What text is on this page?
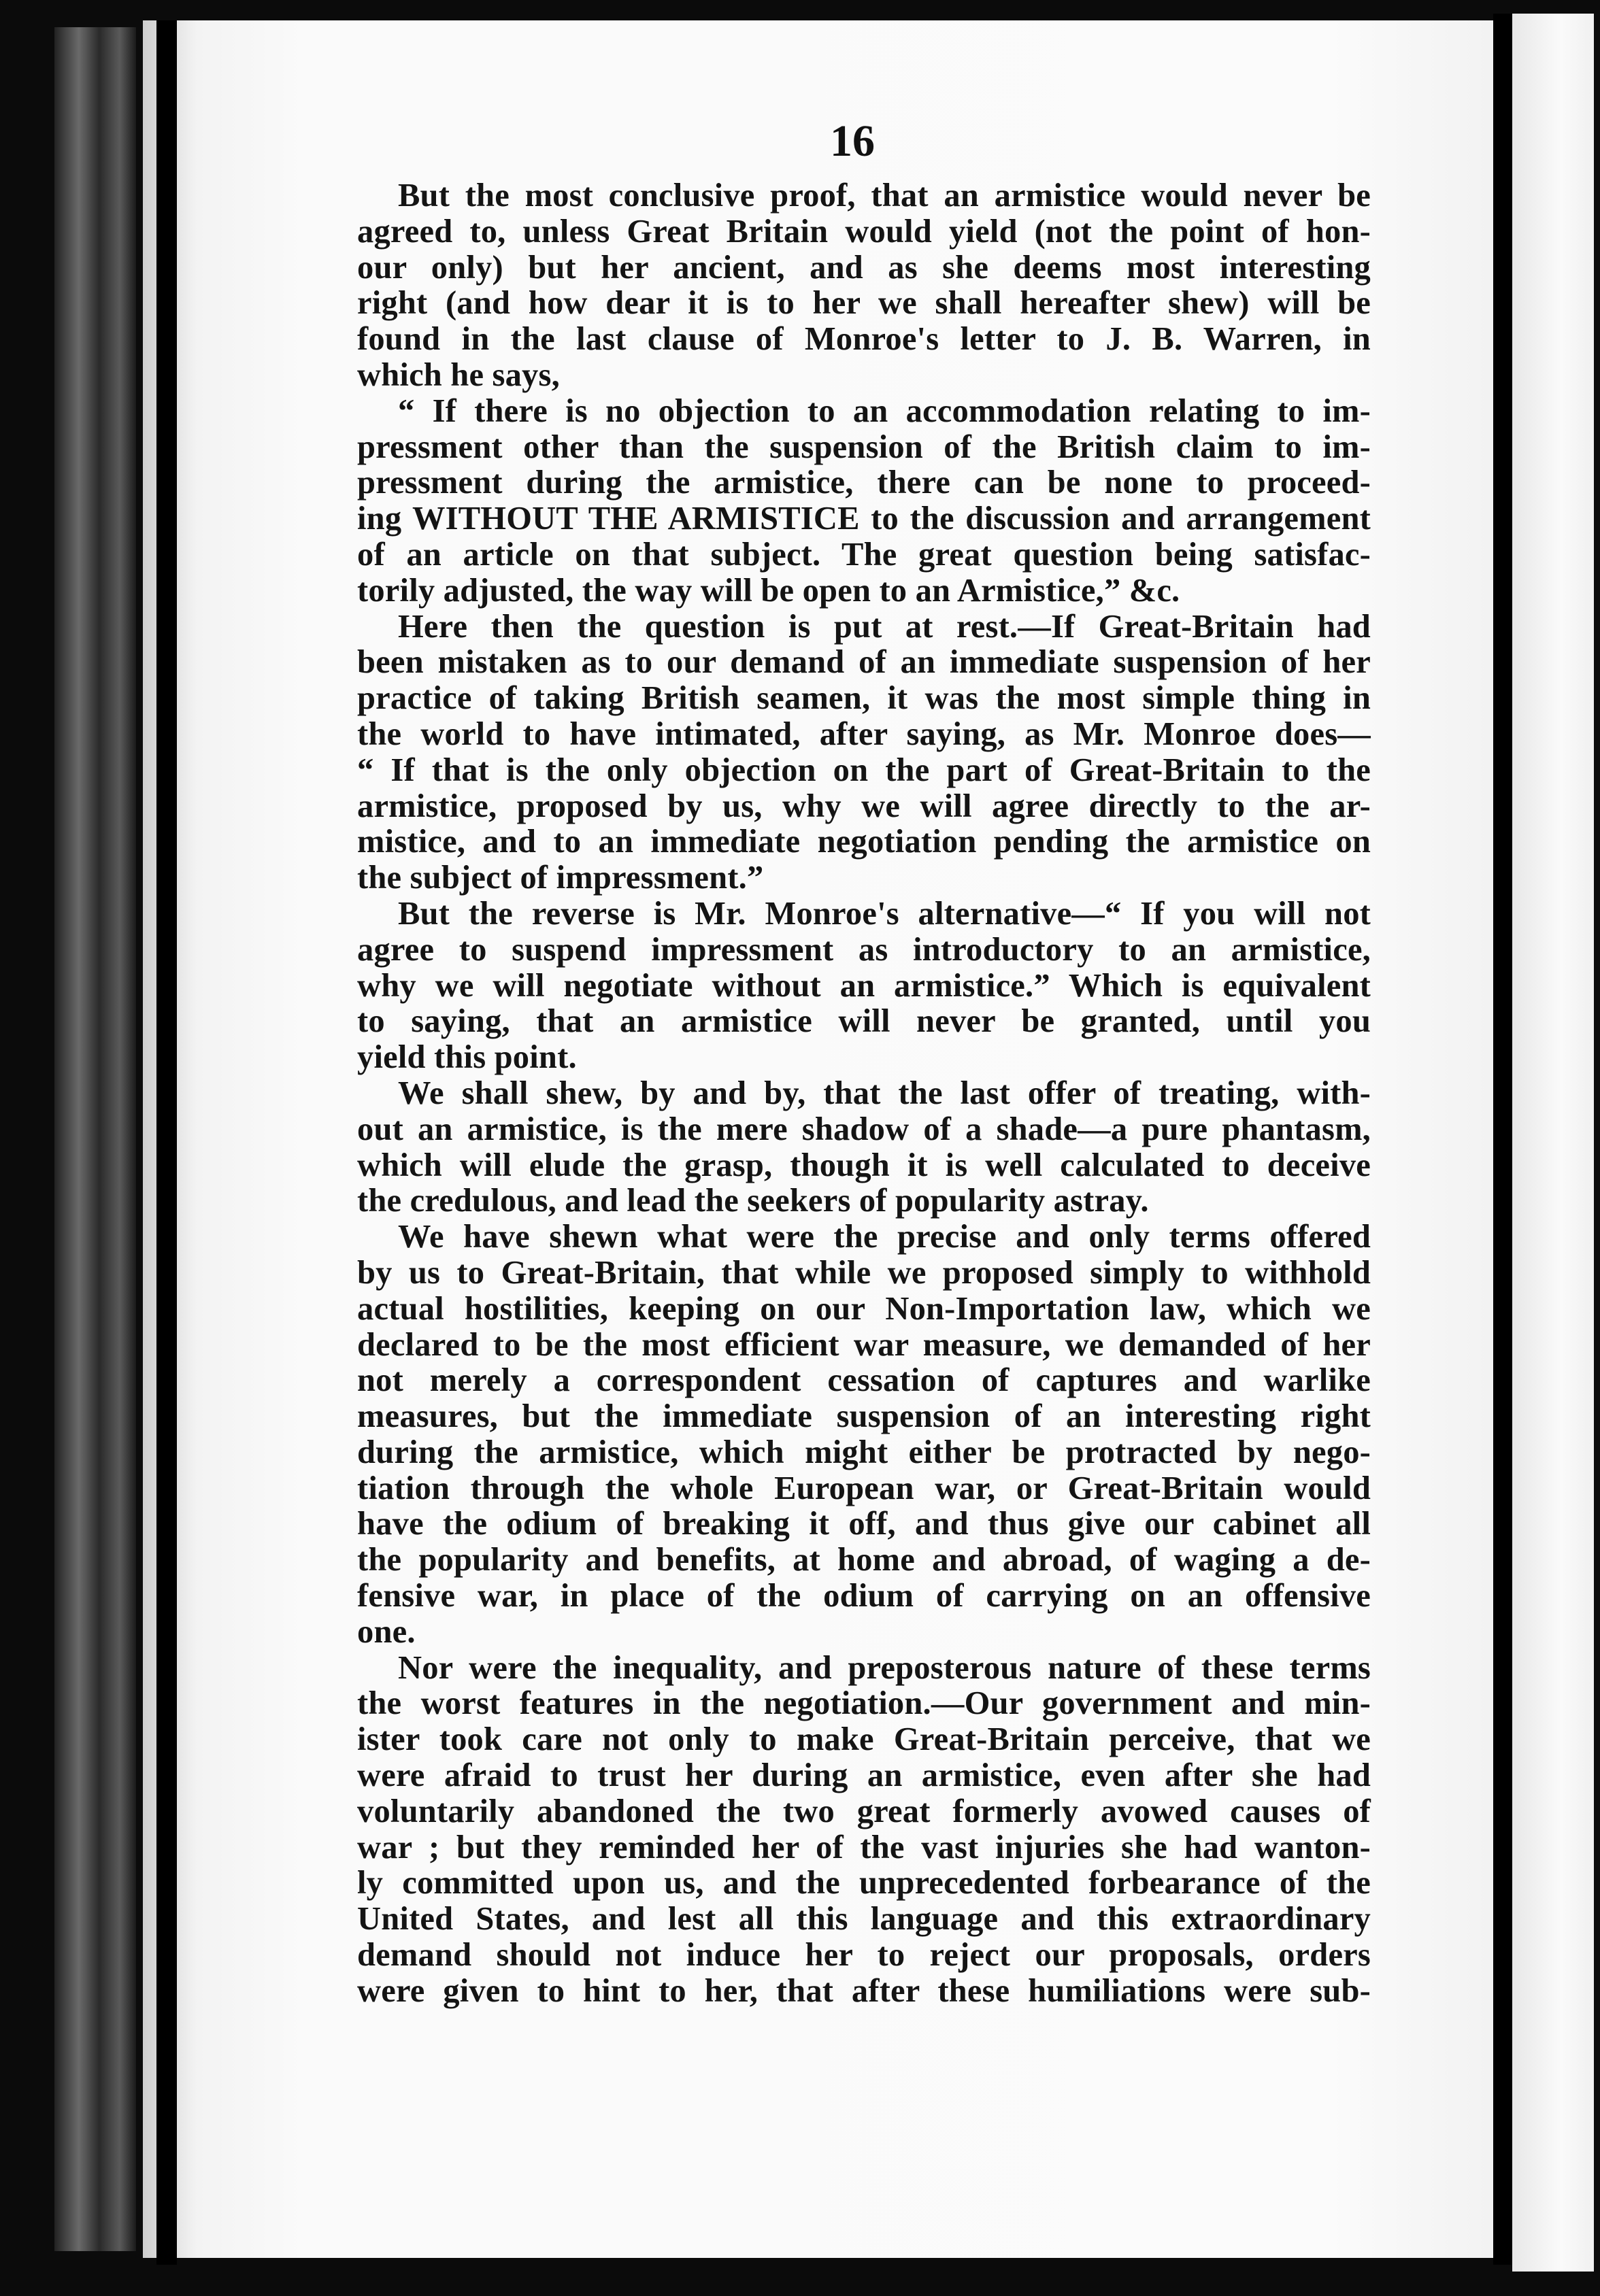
16
But the most conclusive proof, that an armistice would never be
agreed to, unless Great Britain would yield (not the point of hon-
our only) but her ancient, and as she deems most interesting
right (and how dear it is to her we shall hereafter shew) will be
found in the last clause of Monroe's letter to J. B. Warren, in
which he says,
“ If there is no objection to an accommodation relating to im-
pressment other than the suspension of the British claim to im-
pressment during the armistice, there can be none to proceed-
ing WITHOUT THE ARMISTICE to the discussion and arrangement
of an article on that subject. The great question being satisfac-
torily adjusted, the way will be open to an Armistice,” &c.
Here then the question is put at rest.—If Great-Britain had
been mistaken as to our demand of an immediate suspension of her
practice of taking British seamen, it was the most simple thing in
the world to have intimated, after saying, as Mr. Monroe does—
“ If that is the only objection on the part of Great-Britain to the
armistice, proposed by us, why we will agree directly to the ar-
mistice, and to an immediate negotiation pending the armistice on
the subject of impressment.”
But the reverse is Mr. Monroe's alternative—“ If you will not
agree to suspend impressment as introductory to an armistice,
why we will negotiate without an armistice.” Which is equivalent
to saying, that an armistice will never be granted, until you
yield this point.
We shall shew, by and by, that the last offer of treating, with-
out an armistice, is the mere shadow of a shade—a pure phantasm,
which will elude the grasp, though it is well calculated to deceive
the credulous, and lead the seekers of popularity astray.
We have shewn what were the precise and only terms offered
by us to Great-Britain, that while we proposed simply to withhold
actual hostilities, keeping on our Non-Importation law, which we
declared to be the most efficient war measure, we demanded of her
not merely a correspondent cessation of captures and warlike
measures, but the immediate suspension of an interesting right
during the armistice, which might either be protracted by nego-
tiation through the whole European war, or Great-Britain would
have the odium of breaking it off, and thus give our cabinet all
the popularity and benefits, at home and abroad, of waging a de-
fensive war, in place of the odium of carrying on an offensive
one.
Nor were the inequality, and preposterous nature of these terms
the worst features in the negotiation.—Our government and min-
ister took care not only to make Great-Britain perceive, that we
were afraid to trust her during an armistice, even after she had
voluntarily abandoned the two great formerly avowed causes of
war ; but they reminded her of the vast injuries she had wanton-
ly committed upon us, and the unprecedented forbearance of the
United States, and lest all this language and this extraordinary
demand should not induce her to reject our proposals, orders
were given to hint to her, that after these humiliations were sub-
